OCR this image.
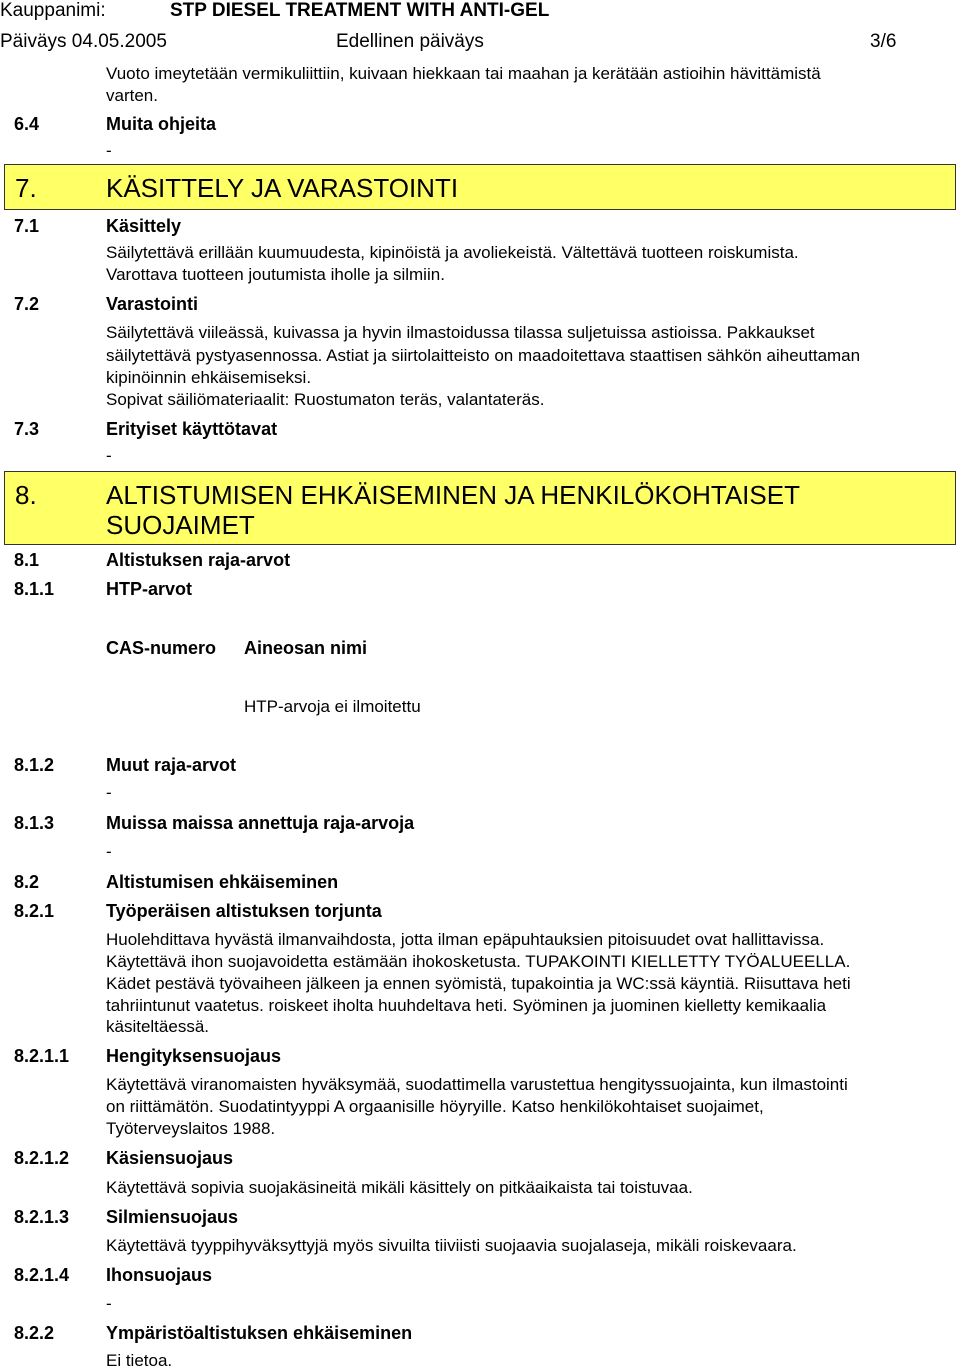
Kauppanimi:	STP DIESEL TREATMENT WITH ANTI-GEL
Päiväys 04.05.2005	Edellinen päiväys	3/6
Vuoto imeytetään vermikuliittiin, kuivaan hiekkaan tai maahan ja kerätään astioihin hävittämistä
varten.
6.4	Muita ohjeita
-
7.	KÄSITTELY JA VARASTOINTI
7.1	Käsittely
Säilytettävä erillään kuumuudesta, kipinöistä ja avoliekeistä. Vältettävä tuotteen roiskumista.
Varottava tuotteen joutumista iholle ja silmiin.
7.2	Varastointi
Säilytettävä viileässä, kuivassa ja hyvin ilmastoidussa tilassa suljetuissa astioissa. Pakkaukset
säilytettävä pystyasennossa. Astiat ja siirtolaitteisto on maadoitettava staattisen sähkön aiheuttaman
kipinöinnin ehkäisemiseksi.
Sopivat säiliömateriaalit: Ruostumaton teräs, valantateräs.
7.3	Erityiset käyttötavat
-
8.	ALTISTUMISEN EHKÄISEMINEN JA HENKILÖKOHTAISET
SUOJAIMET
8.1	Altistuksen raja-arvot
8.1.1	HTP-arvot
CAS-numero Aineosan nimi
HTP-arvoja ei ilmoitettu
8.1.2	Muut raja-arvot
-
8.1.3	Muissa maissa annettuja raja-arvoja
-
8.2	Altistumisen ehkäiseminen
8.2.1	Työperäisen altistuksen torjunta
Huolehdittava hyvästä ilmanvaihdosta, jotta ilman epäpuhtauksien pitoisuudet ovat hallittavissa.
Käytettävä ihon suojavoidetta estämään ihokosketusta. TUPAKOINTI KIELLETTY TYÖALUEELLA.
Kädet pestävä työvaiheen jälkeen ja ennen syömistä, tupakointia ja WC:ssä käyntiä. Riisuttava heti
tahriintunut vaatetus. roiskeet iholta huuhdeltava heti. Syöminen ja juominen kielletty kemikaalia
käsiteltäessä.
8.2.1.1 Hengityksensuojaus
Käytettävä viranomaisten hyväksymää, suodattimella varustettua hengityssuojainta, kun ilmastointi
on riittämätön. Suodatintyyppi A orgaanisille höyryille. Katso henkilökohtaiset suojaimet,
Työterveyslaitos 1988.
8.2.1.2 Käsiensuojaus
Käytettävä sopivia suojakäsineitä mikäli käsittely on pitkäaikaista tai toistuvaa.
8.2.1.3 Silmiensuojaus
Käytettävä tyyppihyväksyttyjä myös sivuilta tiiviisti suojaavia suojalaseja, mikäli roiskevaara.
8.2.1.4 Ihonsuojaus
-
8.2.2	Ympäristöaltistuksen ehkäiseminen
Ei tietoa.
